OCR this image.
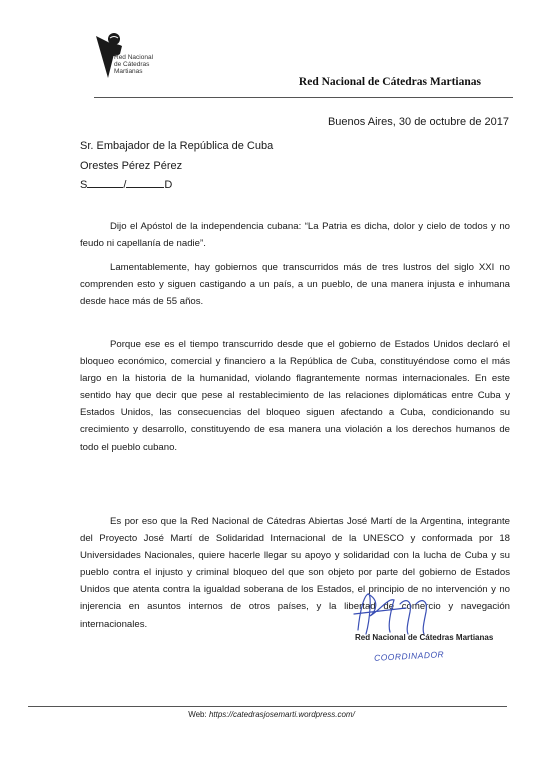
Red Nacional
de Cátedras
Martianas
Red Nacional de Cátedras Martianas
Buenos Aires, 30 de octubre de 2017
Sr. Embajador de la República de Cuba
Orestes Pérez Pérez
S	/	D

Dijo el Apóstol de la independencia cubana: “La Patria es dicha, dolor y cielo de todos y no feudo ni capellanía de nadie”.

Lamentablemente, hay gobiernos que transcurridos más de tres lustros del siglo XXI no comprenden esto y siguen castigando a un país, a un pueblo, de una manera injusta e inhumana desde hace más de 55 años.

Porque ese es el tiempo transcurrido desde que el gobierno de Estados Unidos declaró el bloqueo económico, comercial y financiero a la República de Cuba, constituyéndose como el más largo en la historia de la humanidad, violando flagrantemente normas internacionales. En este sentido hay que decir que pese al restablecimiento de las relaciones diplomáticas entre Cuba y Estados Unidos, las consecuencias del bloqueo siguen afectando a Cuba, condicionando su crecimiento y desarrollo, constituyendo de esa manera una violación a los derechos humanos de todo el pueblo cubano.

Es por eso que la Red Nacional de Cátedras Abiertas José Martí de la Argentina, integrante del Proyecto José Martí de Solidaridad Internacional de la UNESCO y conformada por 18 Universidades Nacionales, quiere hacerle llegar su apoyo y solidaridad con la lucha de Cuba y su pueblo contra el injusto y criminal bloqueo del que son objeto por parte del gobierno de Estados Unidos que atenta contra la igualdad soberana de los Estados, el principio de no intervención y no injerencia en asuntos internos de otros países, y la libertad de comercio y navegación internacionales.

Red Nacional de Cátedras Martianas
COORDINADOR
Web: https://catedrasjosemarti.wordpress.com/
